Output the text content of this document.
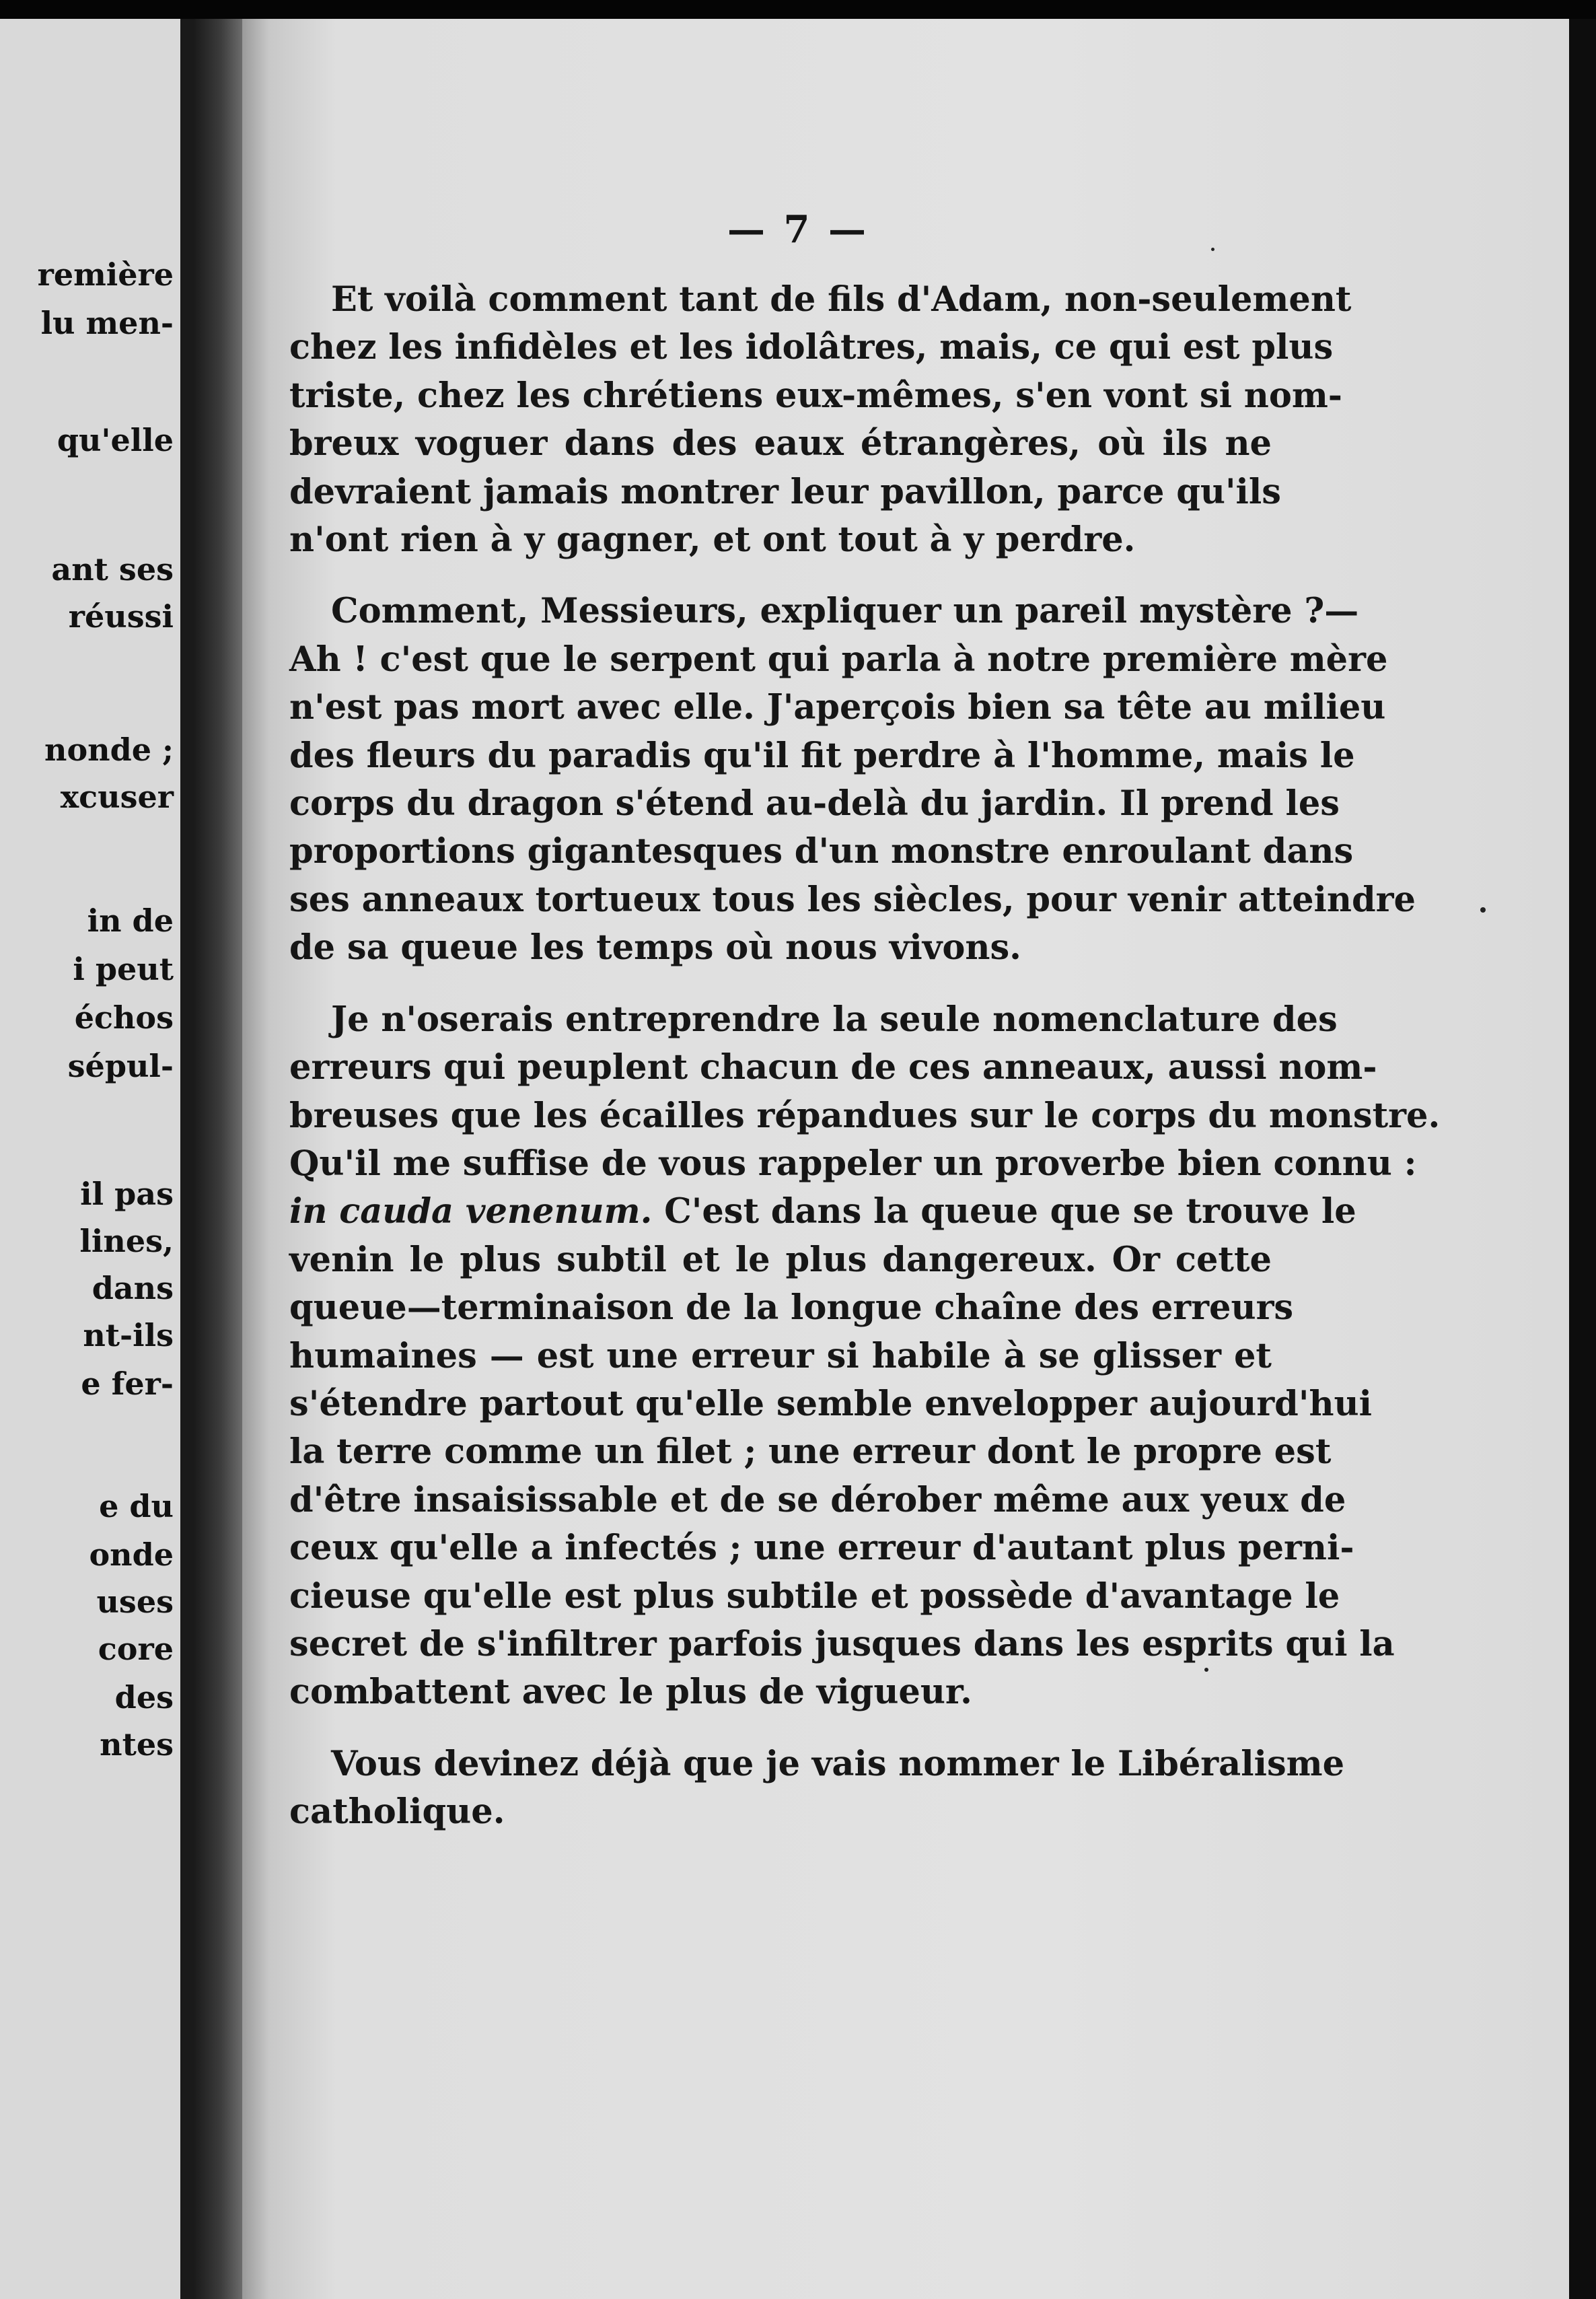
remière
lu men-
qu'elle
ant ses
réussi
nonde ;
xcuser
in de
i peut
échos
sépul-
il pas
lines,
dans
nt-ils
e fer-
e du
onde
uses
core
des
ntes
— 7 —
Et voilà comment tant de fils d'Adam, non-seulement
chez les infidèles et les idolâtres, mais, ce qui est plus
triste, chez les chrétiens eux-mêmes, s'en vont si nom-
breux voguer dans des eaux étrangères, où ils ne
devraient jamais montrer leur pavillon, parce qu'ils
n'ont rien à y gagner, et ont tout à y perdre.
Comment, Messieurs, expliquer un pareil mystère ?—
Ah ! c'est que le serpent qui parla à notre première mère
n'est pas mort avec elle. J'aperçois bien sa tête au milieu
des fleurs du paradis qu'il fit perdre à l'homme, mais le
corps du dragon s'étend au-delà du jardin. Il prend les
proportions gigantesques d'un monstre enroulant dans
ses anneaux tortueux tous les siècles, pour venir atteindre
de sa queue les temps où nous vivons.
Je n'oserais entreprendre la seule nomenclature des
erreurs qui peuplent chacun de ces anneaux, aussi nom-
breuses que les écailles répandues sur le corps du monstre.
Qu'il me suffise de vous rappeler un proverbe bien connu :
in cauda venenum. C'est dans la queue que se trouve le
venin le plus subtil et le plus dangereux. Or cette
queue—terminaison de la longue chaîne des erreurs
humaines — est une erreur si habile à se glisser et
s'étendre partout qu'elle semble envelopper aujourd'hui
la terre comme un filet ; une erreur dont le propre est
d'être insaisissable et de se dérober même aux yeux de
ceux qu'elle a infectés ; une erreur d'autant plus perni-
cieuse qu'elle est plus subtile et possède d'avantage le
secret de s'infiltrer parfois jusques dans les esprits qui la
combattent avec le plus de vigueur.
Vous devinez déjà que je vais nommer le Libéralisme
catholique.
